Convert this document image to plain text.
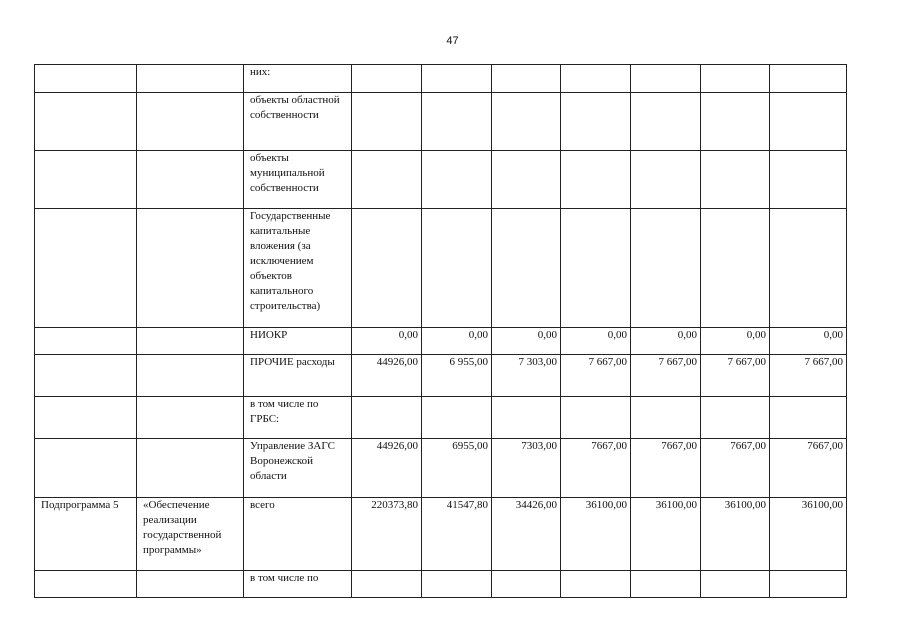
47
		них:							
		объекты областной собственности							
		объекты муниципальной собственности							
		Государственные капитальные вложения (за исключением объектов капитального строительства)							
		НИОКР	0,00	0,00	0,00	0,00	0,00	0,00	0,00
		ПРОЧИЕ расходы	44926,00	6 955,00	7 303,00	7 667,00	7 667,00	7 667,00	7 667,00
		в том числе по ГРБС:							
		Управление ЗАГС Воронежской области	44926,00	6955,00	7303,00	7667,00	7667,00	7667,00	7667,00
Подпрограмма 5	«Обеспечение реализации государственной программы»	всего	220373,80	41547,80	34426,00	36100,00	36100,00	36100,00	36100,00
		в том числе по							
